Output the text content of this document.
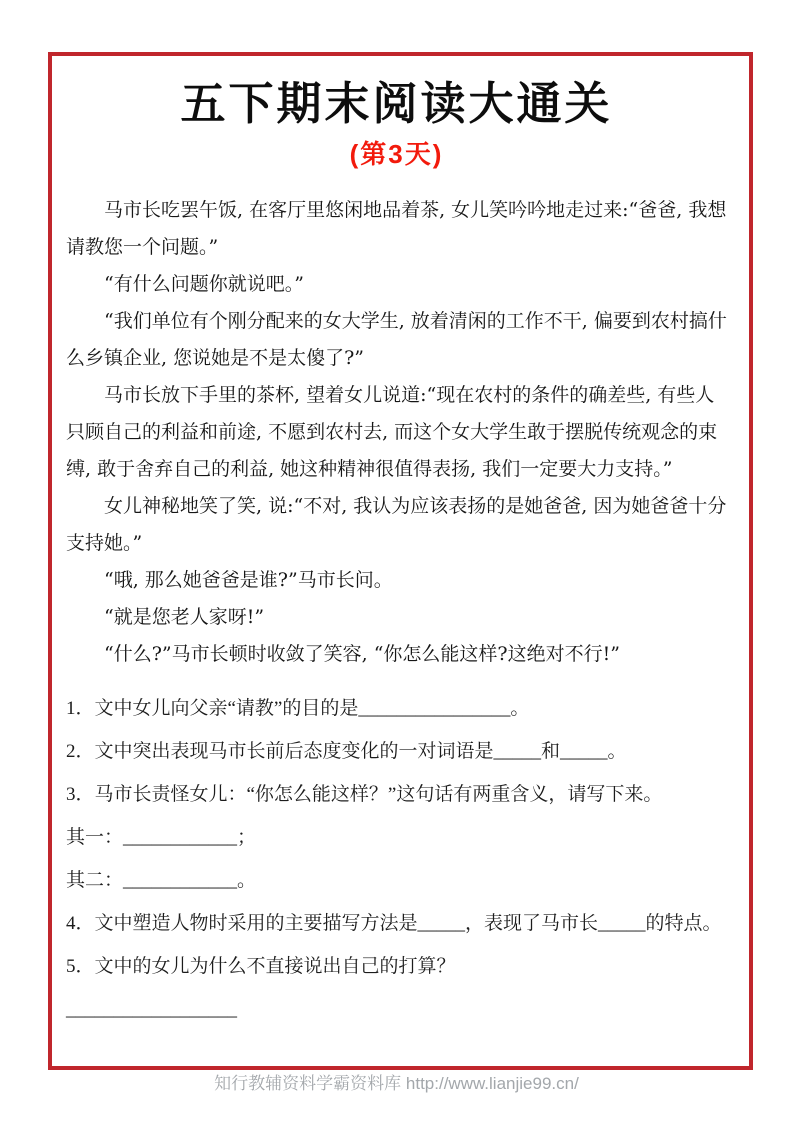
五下期末阅读大通关
(第3天)

马市长吃罢午饭, 在客厅里悠闲地品着茶, 女儿笑吟吟地走过来:“爸爸, 我想请教您一个问题。”

“有什么问题你就说吧。”

“我们单位有个刚分配来的女大学生, 放着清闲的工作不干, 偏要到农村搞什么乡镇企业, 您说她是不是太傻了?”

马市长放下手里的茶杯, 望着女儿说道:“现在农村的条件的确差些, 有些人只顾自己的利益和前途, 不愿到农村去, 而这个女大学生敢于摆脱传统观念的束缚, 敢于舍弃自己的利益, 她这种精神很值得表扬, 我们一定要大力支持。”

女儿神秘地笑了笑, 说:“不对, 我认为应该表扬的是她爸爸, 因为她爸爸十分支持她。”

“哦, 那么她爸爸是谁?”马市长问。

“就是您老人家呀!”

“什么?”马市长顿时收敛了笑容, “你怎么能这样?这绝对不行!”

1．文中女儿向父亲“请教”的目的是________________。

2．文中突出表现马市长前后态度变化的一对词语是_____和_____。

3．马市长责怪女儿：“你怎么能这样？”这句话有两重含义，请写下来。

其一：____________；

其二：____________。

4．文中塑造人物时采用的主要描写方法是_____，表现了马市长_____的特点。

5．文中的女儿为什么不直接说出自己的打算？

__________________

知行教辅资料学霸资料库 http://www.lianjie99.cn/
